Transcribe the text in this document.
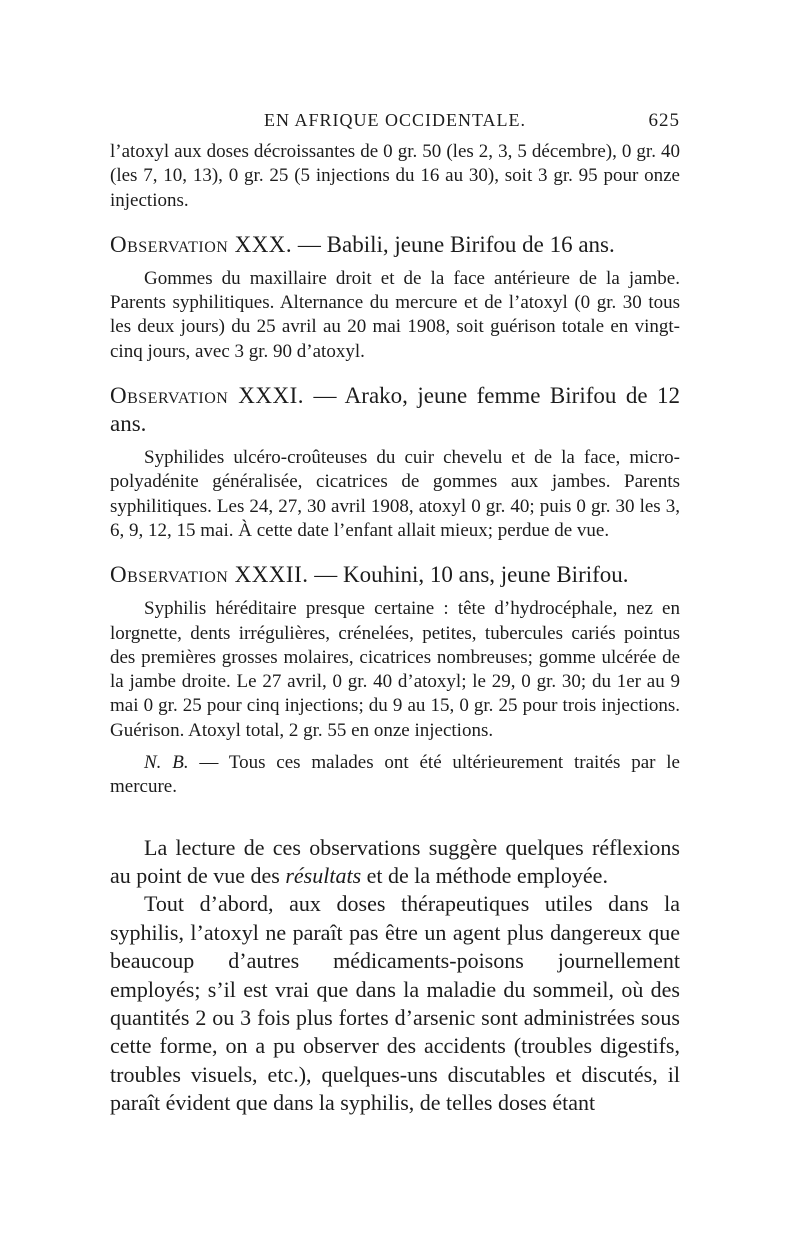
EN AFRIQUE OCCIDENTALE.	625

l’atoxyl aux doses décroissantes de 0 gr. 50 (les 2, 3, 5 décembre), 0 gr. 40 (les 7, 10, 13), 0 gr. 25 (5 injections du 16 au 30), soit 3 gr. 95 pour onze injections.

Observation XXX. — Babili, jeune Birifou de 16 ans.

Gommes du maxillaire droit et de la face antérieure de la jambe. Parents syphilitiques. Alternance du mercure et de l’atoxyl (0 gr. 30 tous les deux jours) du 25 avril au 20 mai 1908, soit guérison totale en vingt-cinq jours, avec 3 gr. 90 d’atoxyl.

Observation XXXI. — Arako, jeune femme Birifou de 12 ans.

Syphilides ulcéro-croûteuses du cuir chevelu et de la face, micro-polyadénite généralisée, cicatrices de gommes aux jambes. Parents syphilitiques. Les 24, 27, 30 avril 1908, atoxyl 0 gr. 40; puis 0 gr. 30 les 3, 6, 9, 12, 15 mai. À cette date l’enfant allait mieux; perdue de vue.

Observation XXXII. — Kouhini, 10 ans, jeune Birifou.

Syphilis héréditaire presque certaine : tête d’hydrocéphale, nez en lorgnette, dents irrégulières, crénelées, petites, tubercules cariés pointus des premières grosses molaires, cicatrices nombreuses; gomme ulcérée de la jambe droite. Le 27 avril, 0 gr. 40 d’atoxyl; le 29, 0 gr. 30; du 1er au 9 mai 0 gr. 25 pour cinq injections; du 9 au 15, 0 gr. 25 pour trois injections. Guérison. Atoxyl total, 2 gr. 55 en onze injections.

N. B. — Tous ces malades ont été ultérieurement traités par le mercure.

La lecture de ces observations suggère quelques réflexions au point de vue des résultats et de la méthode employée.

Tout d’abord, aux doses thérapeutiques utiles dans la syphilis, l’atoxyl ne paraît pas être un agent plus dangereux que beaucoup d’autres médicaments-poisons journellement employés; s’il est vrai que dans la maladie du sommeil, où des quantités 2 ou 3 fois plus fortes d’arsenic sont administrées sous cette forme, on a pu observer des accidents (troubles digestifs, troubles visuels, etc.), quelques-uns discutables et discutés, il paraît évident que dans la syphilis, de telles doses étant
